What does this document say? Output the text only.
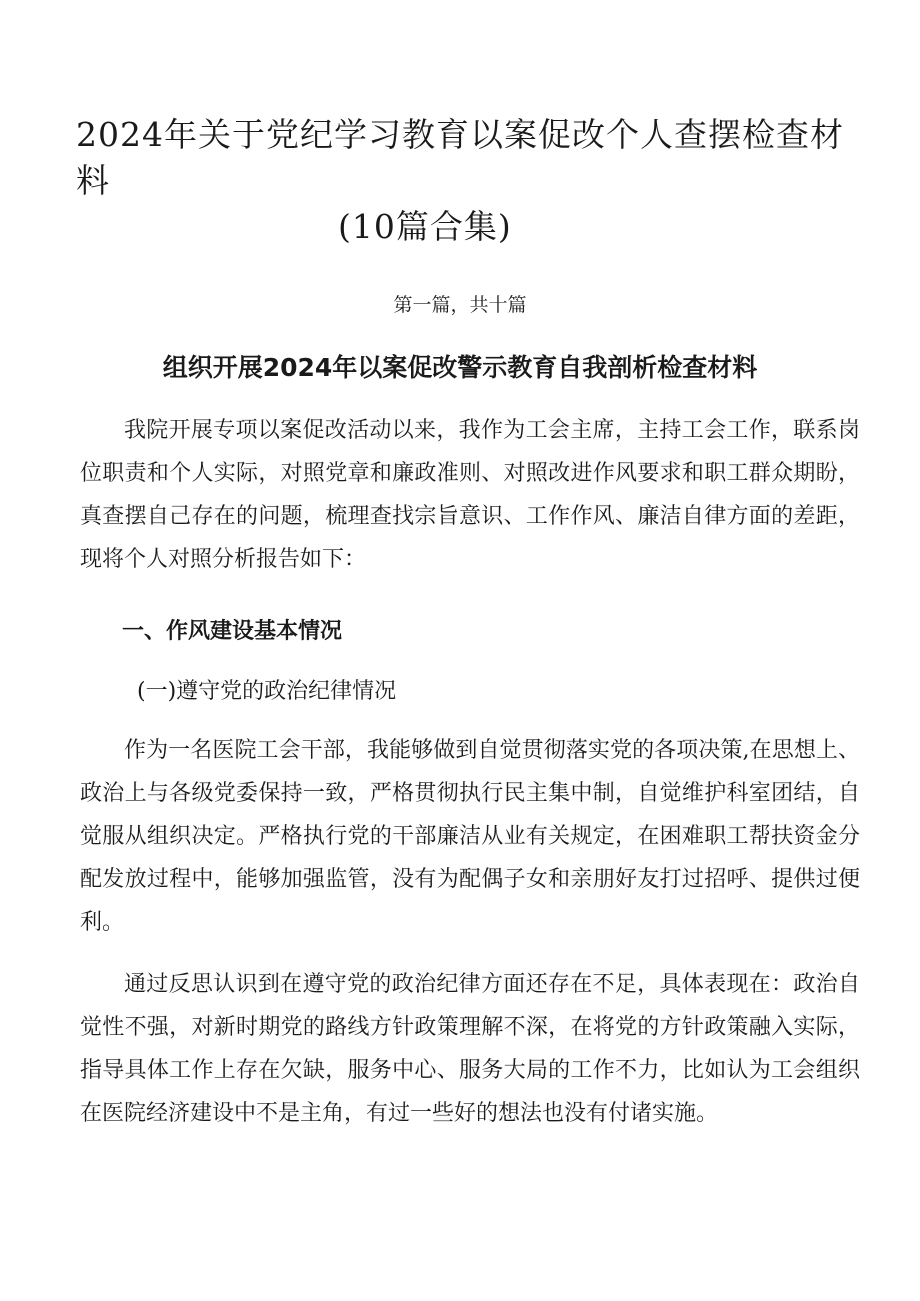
2024年关于党纪学习教育以案促改个人查摆检查材料
(10篇合集)
第一篇，共十篇
组织开展2024年以案促改警示教育自我剖析检查材料

我院开展专项以案促改活动以来，我作为工会主席，主持工会工作，联系岗位职责和个人实际，对照党章和廉政准则、对照改进作风要求和职工群众期盼，真查摆自己存在的问题，梳理查找宗旨意识、工作作风、廉洁自律方面的差距，现将个人对照分析报告如下：

一、作风建设基本情况
(一)遵守党的政治纪律情况

作为一名医院工会干部，我能够做到自觉贯彻落实党的各项决策,在思想上、政治上与各级党委保持一致，严格贯彻执行民主集中制，自觉维护科室团结，自觉服从组织决定。严格执行党的干部廉洁从业有关规定，在困难职工帮扶资金分配发放过程中，能够加强监管，没有为配偶子女和亲朋好友打过招呼、提供过便利。

通过反思认识到在遵守党的政治纪律方面还存在不足，具体表现在：政治自觉性不强，对新时期党的路线方针政策理解不深，在将党的方针政策融入实际，指导具体工作上存在欠缺，服务中心、服务大局的工作不力，比如认为工会组织在医院经济建设中不是主角，有过一些好的想法也没有付诸实施。
